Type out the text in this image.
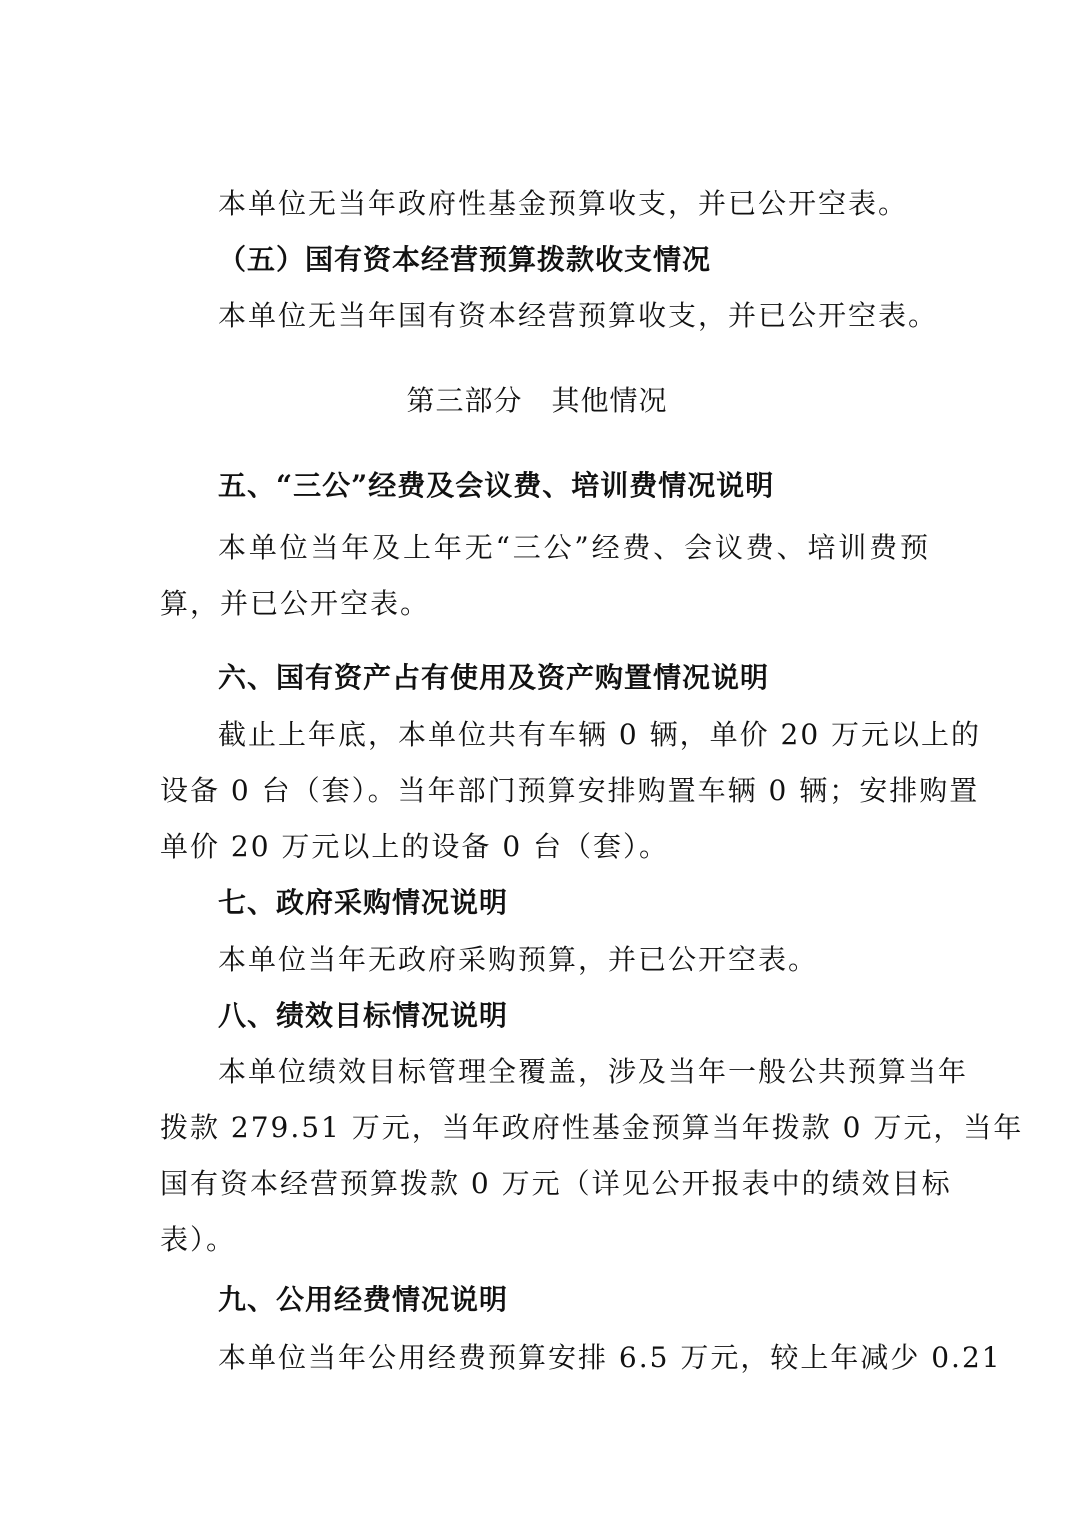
本单位无当年政府性基金预算收支，并已公开空表。
（五）国有资本经营预算拨款收支情况
本单位无当年国有资本经营预算收支，并已公开空表。
第三部分　其他情况
五、“三公”经费及会议费、培训费情况说明
本单位当年及上年无“三公”经费、会议费、培训费预
算，并已公开空表。
六、国有资产占有使用及资产购置情况说明
截止上年底，本单位共有车辆 0 辆，单价 20 万元以上的
设备 0 台（套）。当年部门预算安排购置车辆 0 辆；安排购置
单价 20 万元以上的设备 0 台（套）。
七、政府采购情况说明
本单位当年无政府采购预算，并已公开空表。
八、绩效目标情况说明
本单位绩效目标管理全覆盖，涉及当年一般公共预算当年
拨款 279.51 万元，当年政府性基金预算当年拨款 0 万元，当年
国有资本经营预算拨款 0 万元（详见公开报表中的绩效目标
表）。
九、公用经费情况说明
本单位当年公用经费预算安排 6.5 万元，较上年减少 0.21
